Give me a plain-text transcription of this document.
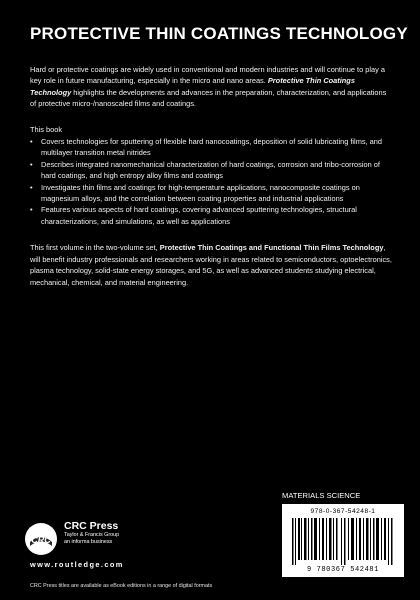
PROTECTIVE THIN COATINGS TECHNOLOGY

Hard or protective coatings are widely used in conventional and modern industries and will continue to play a key role in future manufacturing, especially in the micro and nano areas. Protective Thin Coatings Technology highlights the developments and advances in the preparation, characterization, and applications of protective micro-/nanoscaled films and coatings.

This book

• Covers technologies for sputtering of flexible hard nanocoatings, deposition of solid lubricating films, and multilayer transition metal nitrides
• Describes integrated nanomechanical characterization of hard coatings, corrosion and tribo-corrosion of hard coatings, and high entropy alloy films and coatings
• Investigates thin films and coatings for high-temperature applications, nanocomposite coatings on magnesium alloys, and the correlation between coating properties and industrial applications
• Features various aspects of hard coatings, covering advanced sputtering technologies, structural characterizations, and simulations, as well as applications

This first volume in the two-volume set, Protective Thin Coatings and Functional Thin Films Technology, will benefit industry professionals and researchers working in areas related to semiconductors, optoelectronics, plasma technology, solid-state energy storages, and 5G, as well as advanced students studying electrical, mechanical, chemical, and material engineering.

MATERIALS SCIENCE
978-0-367-54248-1
9 780367 542481
CRC
CRC Press
Taylor & Francis Group
an informa business
www.routledge.com
CRC Press titles are available as eBook editions in a range of digital formats
